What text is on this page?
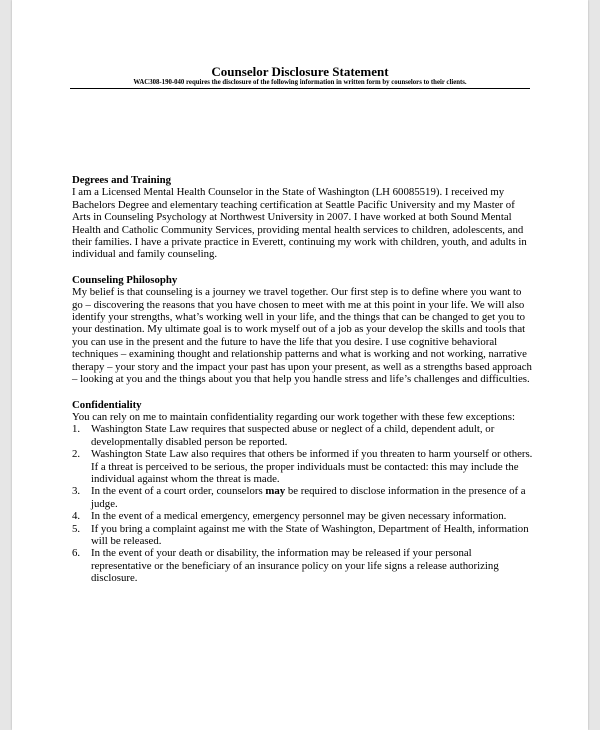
Counselor Disclosure Statement

WAC308-190-040 requires the disclosure of the following information in written form by counselors to their clients.

Degrees and Training

I am a Licensed Mental Health Counselor in the State of Washington (LH 60085519). I received my Bachelors Degree and elementary teaching certification at Seattle Pacific University and my Master of Arts in Counseling Psychology at Northwest University in 2007. I have worked at both Sound Mental Health and Catholic Community Services, providing mental health services to children, adolescents, and their families. I have a private practice in Everett, continuing my work with children, youth, and adults in individual and family counseling.

Counseling Philosophy

My belief is that counseling is a journey we travel together. Our first step is to define where you want to go – discovering the reasons that you have chosen to meet with me at this point in your life. We will also identify your strengths, what’s working well in your life, and the things that can be changed to get you to your destination. My ultimate goal is to work myself out of a job as your develop the skills and tools that you can use in the present and the future to have the life that you desire. I use cognitive behavioral techniques – examining thought and relationship patterns and what is working and not working, narrative therapy – your story and the impact your past has upon your present, as well as a strengths based approach – looking at you and the things about you that help you handle stress and life’s challenges and difficulties.

Confidentiality

You can rely on me to maintain confidentiality regarding our work together with these few exceptions:

1. Washington State Law requires that suspected abuse or neglect of a child, dependent adult, or developmentally disabled person be reported.
2. Washington State Law also requires that others be informed if you threaten to harm yourself or others. If a threat is perceived to be serious, the proper individuals must be contacted: this may include the individual against whom the threat is made.
3. In the event of a court order, counselors may be required to disclose information in the presence of a judge.
4. In the event of a medical emergency, emergency personnel may be given necessary information.
5. If you bring a complaint against me with the State of Washington, Department of Health, information will be released.
6. In the event of your death or disability, the information may be released if your personal representative or the beneficiary of an insurance policy on your life signs a release authorizing disclosure.
